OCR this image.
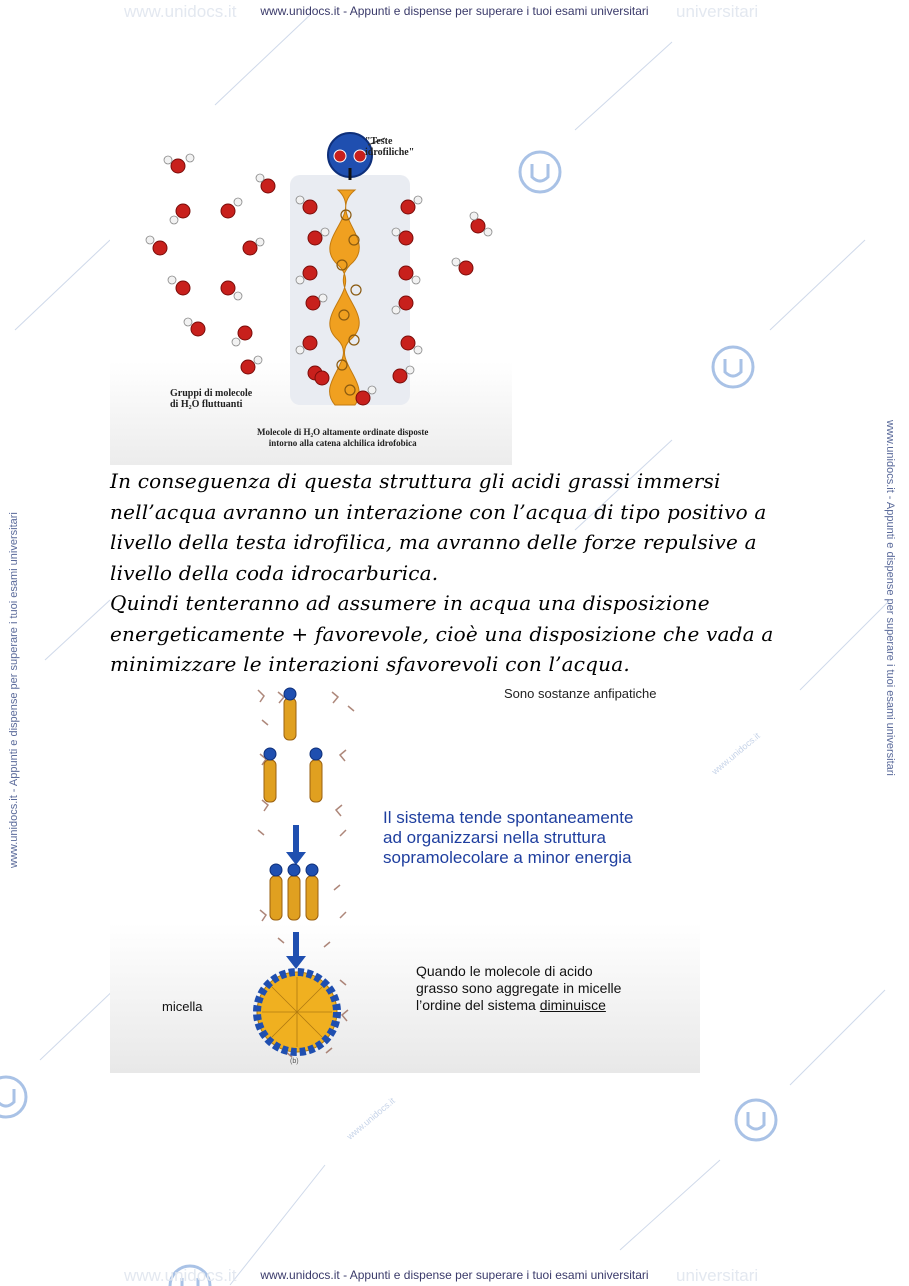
www.unidocs.it - Appunti e dispense per superare i tuoi esami universitari
www.unidocs.it - Appunti e dispense per superare i tuoi esami universitari
www.unidocs.it - Appunti e dispense per superare i tuoi esami universitari	www.unidocs.it - Appunti e dispense per superare i tuoi esami universitari
www.unidocs.it
www.unidocs.it
www.unidocs.it	universitari
www.unidocs.it	universitari
"Teste
idrofiliche"
Gruppi di molecole
di H₂O fluttuanti
Molecole di H₂O altamente ordinate disposte
intorno alla catena alchilica idrofobica
In conseguenza di questa struttura gli acidi grassi immersi
nell’acqua avranno un interazione con l’acqua di tipo positivo a
livello della testa idrofilica, ma avranno delle forze repulsive a
livello della coda idrocarburica.
Quindi tenteranno ad assumere in acqua una disposizione
energeticamente + favorevole, cioè una disposizione che vada a
minimizzare le interazioni sfavorevoli con l’acqua.
Sono sostanze anfipatiche
Il sistema tende spontaneamente
ad organizzarsi nella struttura
sopramolecolare a minor energia
Quando le molecole di acido
grasso sono aggregate in micelle
l’ordine del sistema diminuisce
micella
(b)
